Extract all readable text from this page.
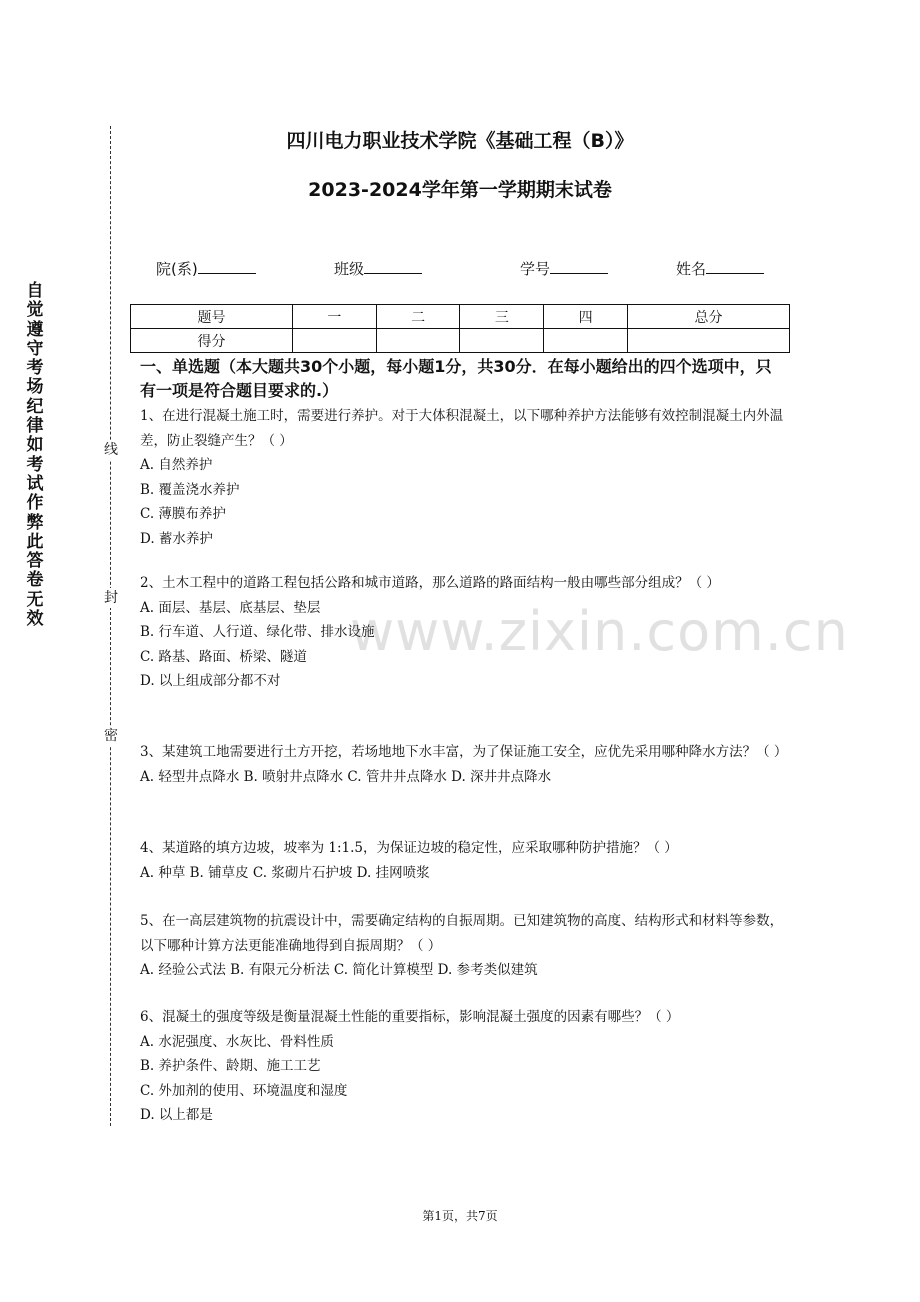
自觉遵守考场纪律如考试作弊此答卷无效
线
封
密
四川电力职业技术学院《基础工程（B）》
2023-2024学年第一学期期末试卷
院(系)	班级	学号	姓名
题号	一	二	三	四	总分
得分					
一、单选题（本大题共30个小题，每小题1分，共30分．在每小题给出的四个选项中，只有一项是符合题目要求的.）
1、在进行混凝土施工时，需要进行养护。对于大体积混凝土，以下哪种养护方法能够有效控制混凝土内外温差，防止裂缝产生？（ ）
A. 自然养护
B. 覆盖浇水养护
C. 薄膜布养护
D. 蓄水养护
2、土木工程中的道路工程包括公路和城市道路，那么道路的路面结构一般由哪些部分组成？（ ）
A. 面层、基层、底基层、垫层
B. 行车道、人行道、绿化带、排水设施
C. 路基、路面、桥梁、隧道
D. 以上组成部分都不对
3、某建筑工地需要进行土方开挖，若场地地下水丰富，为了保证施工安全，应优先采用哪种降水方法？（ ）
A. 轻型井点降水 B. 喷射井点降水 C. 管井井点降水 D. 深井井点降水
4、某道路的填方边坡，坡率为 1:1.5，为保证边坡的稳定性，应采取哪种防护措施？（ ）
A. 种草 B. 铺草皮 C. 浆砌片石护坡 D. 挂网喷浆
5、在一高层建筑物的抗震设计中，需要确定结构的自振周期。已知建筑物的高度、结构形式和材料等参数，以下哪种计算方法更能准确地得到自振周期？（ ）
A. 经验公式法 B. 有限元分析法 C. 简化计算模型 D. 参考类似建筑
6、混凝土的强度等级是衡量混凝土性能的重要指标，影响混凝土强度的因素有哪些？（ ）
A. 水泥强度、水灰比、骨料性质
B. 养护条件、龄期、施工工艺
C. 外加剂的使用、环境温度和湿度
D. 以上都是
www.zixin.com.cn
第1页，共7页
